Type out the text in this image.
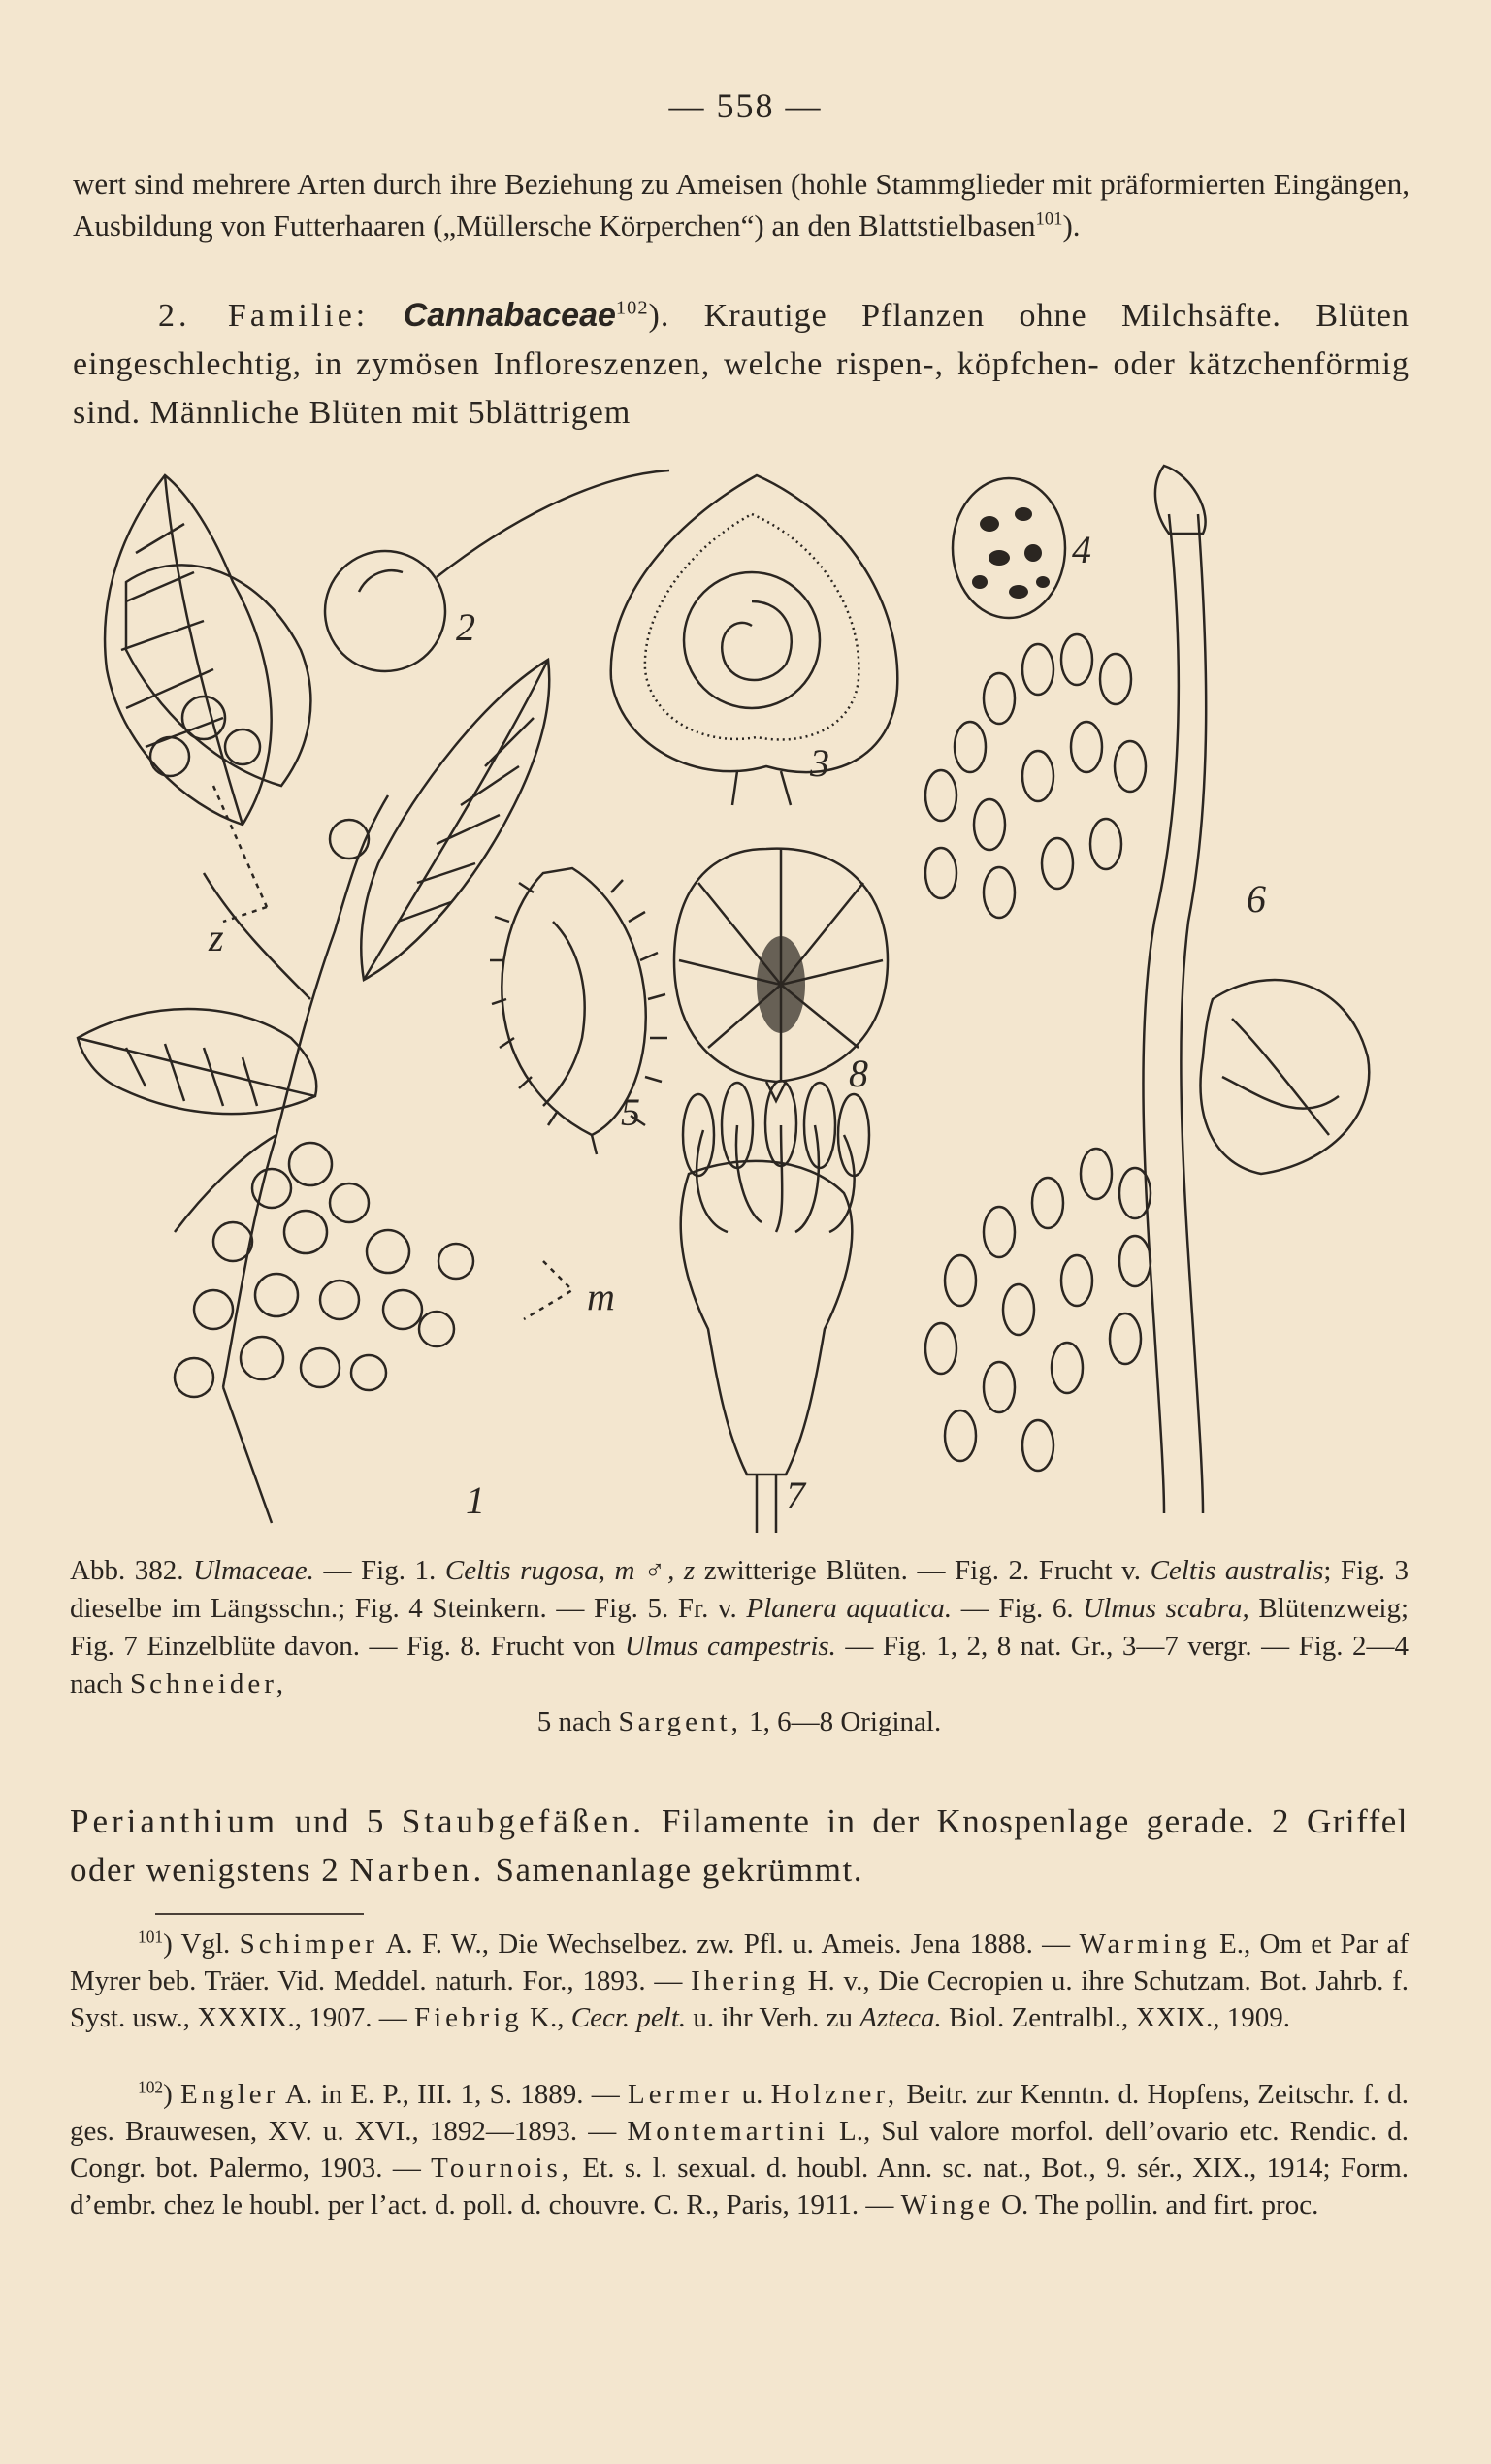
— 558 —
wert sind mehrere Arten durch ihre Beziehung zu Ameisen (hohle Stammglieder mit präformierten Eingängen, Ausbildung von Futterhaaren („Müllersche Körperchen“) an den Blattstielbasen$^{101}$).
2. Familie: Cannabaceae$^{102}$). Krautige Pflanzen ohne Milchsäfte. Blüten eingeschlechtig, in zymösen Infloreszenzen, welche rispen-, köpfchen- oder kätzchenförmig sind. Männliche Blüten mit 5blättrigem
1
2
3
4
5
6
7
8
z
m
Abb. 382. Ulmaceae. — Fig. 1. Celtis rugosa, m ♂, z zwitterige Blüten. — Fig. 2. Frucht v. Celtis australis; Fig. 3 dieselbe im Längsschn.; Fig. 4 Steinkern. — Fig. 5. Fr. v. Planera aquatica. — Fig. 6. Ulmus scabra, Blütenzweig; Fig. 7 Einzelblüte davon. — Fig. 8. Frucht von Ulmus campestris. — Fig. 1, 2, 8 nat. Gr., 3—7 vergr. — Fig. 2—4 nach Schneider,
5 nach Sargent, 1, 6—8 Original.
Perianthium und 5 Staubgefäßen. Filamente in der Knospenlage gerade. 2 Griffel oder wenigstens 2 Narben. Samenanlage gekrümmt.
$^{101}$) Vgl. Schimper A. F. W., Die Wechselbez. zw. Pfl. u. Ameis. Jena 1888. — Warming E., Om et Par af Myrer beb. Träer. Vid. Meddel. naturh. For., 1893. — Ihering H. v., Die Cecropien u. ihre Schutzam. Bot. Jahrb. f. Syst. usw., XXXIX., 1907. — Fiebrig K., Cecr. pelt. u. ihr Verh. zu Azteca. Biol. Zentralbl., XXIX., 1909.
$^{102}$) Engler A. in E. P., III. 1, S. 1889. — Lermer u. Holzner, Beitr. zur Kenntn. d. Hopfens, Zeitschr. f. d. ges. Brauwesen, XV. u. XVI., 1892—1893. — Montemartini L., Sul valore morfol. dell’ovario etc. Rendic. d. Congr. bot. Palermo, 1903. — Tournois, Et. s. l. sexual. d. houbl. Ann. sc. nat., Bot., 9. sér., XIX., 1914; Form. d’embr. chez le houbl. per l’act. d. poll. d. chouvre. C. R., Paris, 1911. — Winge O. The pollin. and firt. proc.
